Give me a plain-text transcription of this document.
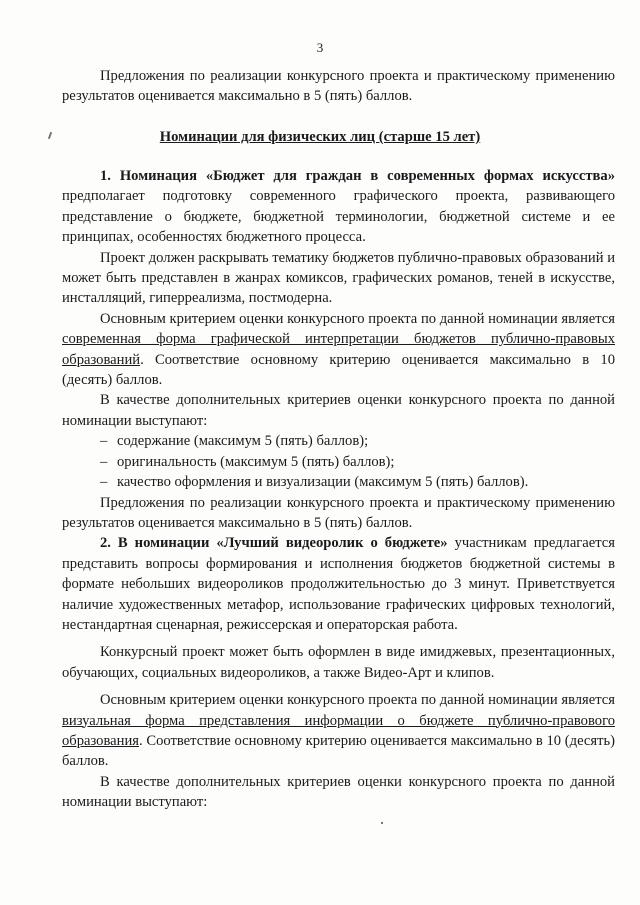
3

Предложения по реализации конкурсного проекта и практическому применению результатов оценивается максимально в 5 (пять) баллов.

Номинации для физических лиц (старше 15 лет)

1. Номинация «Бюджет для граждан в современных формах искусства» предполагает подготовку современного графического проекта, развивающего представление о бюджете, бюджетной терминологии, бюджетной системе и ее принципах, особенностях бюджетного процесса.

Проект должен раскрывать тематику бюджетов публично-правовых образований и может быть представлен в жанрах комиксов, графических романов, теней в искусстве, инсталляций, гиперреализма, постмодерна.

Основным критерием оценки конкурсного проекта по данной номинации является современная форма графической интерпретации бюджетов публично-правовых образований. Соответствие основному критерию оценивается максимально в 10 (десять) баллов.

В качестве дополнительных критериев оценки конкурсного проекта по данной номинации выступают:

– содержание (максимум 5 (пять) баллов);
– оригинальность (максимум 5 (пять) баллов);
– качество оформления и визуализации (максимум 5 (пять) баллов).

Предложения по реализации конкурсного проекта и практическому применению результатов оценивается максимально в 5 (пять) баллов.

2. В номинации «Лучший видеоролик о бюджете» участникам предлагается представить вопросы формирования и исполнения бюджетов бюджетной системы в формате небольших видеороликов продолжительностью до 3 минут. Приветствуется наличие художественных метафор, использование графических цифровых технологий, нестандартная сценарная, режиссерская и операторская работа.

Конкурсный проект может быть оформлен в виде имиджевых, презентационных, обучающих, социальных видеороликов, а также Видео-Арт и клипов.

Основным критерием оценки конкурсного проекта по данной номинации является визуальная форма представления информации о бюджете публично-правового образования. Соответствие основному критерию оценивается максимально в 10 (десять) баллов.

В качестве дополнительных критериев оценки конкурсного проекта по данной номинации выступают:
